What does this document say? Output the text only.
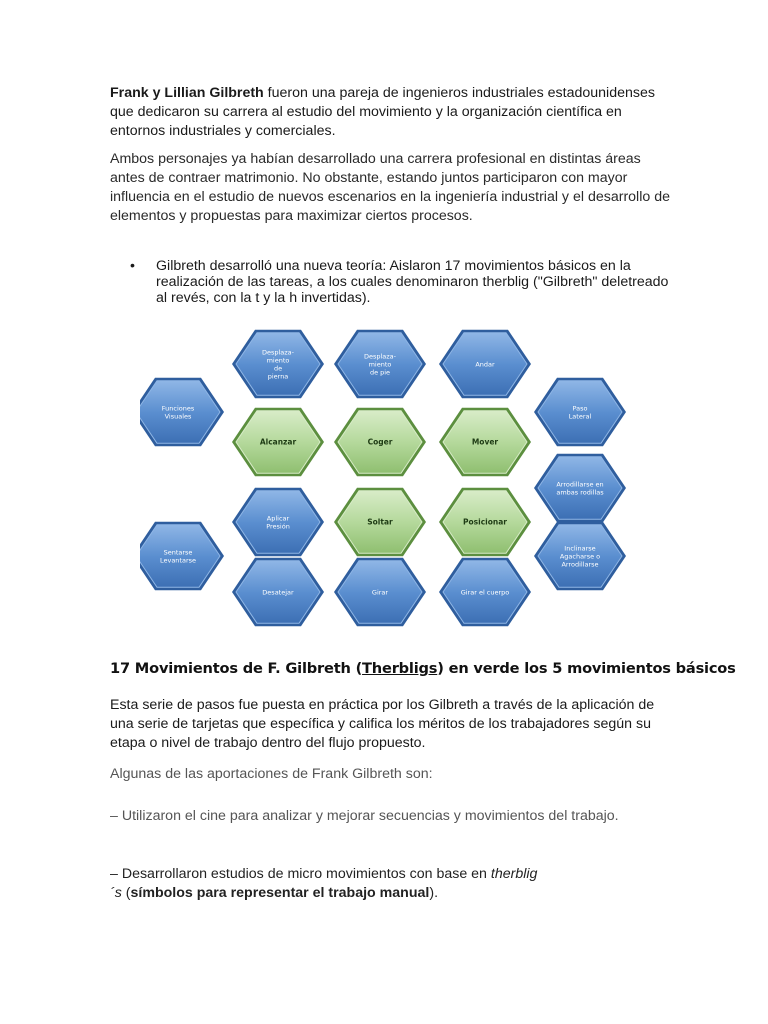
Frank y Lillian Gilbreth fueron una pareja de ingenieros industriales estadounidenses que dedicaron su carrera al estudio del movimiento y la organización científica en entornos industriales y comerciales.

Ambos personajes ya habían desarrollado una carrera profesional en distintas áreas antes de contraer matrimonio. No obstante, estando juntos participaron con mayor influencia en el estudio de nuevos escenarios en la ingeniería industrial y el desarrollo de elementos y propuestas para maximizar ciertos procesos.

• Gilbreth desarrolló una nueva teoría: Aislaron 17 movimientos básicos en la realización de las tareas, a los cuales denominaron therblig ("Gilbreth" deletreado al revés, con la t y la h invertidas).
Desplaza-
miento
de
pierna
Desplaza-
miento
de pie
Andar
Funciones
Visuales
Paso
Lateral
Alcanzar	Coger	Mover
Arrodillarse en
ambas rodillas
Aplicar
Presión	Soltar	Posicionar
Sentarse
Levantarse
Inclinarse
Agacharse o
Arrodillarse
Desatejar	Girar	Girar el cuerpo
17 Movimientos de F. Gilbreth (Therbligs) en verde los 5 movimientos básicos

Esta serie de pasos fue puesta en práctica por los Gilbreth a través de la aplicación de una serie de tarjetas que específica y califica los méritos de los trabajadores según su etapa o nivel de trabajo dentro del flujo propuesto.

Algunas de las aportaciones de Frank Gilbreth son:

– Utilizaron el cine para analizar y mejorar secuencias y movimientos del trabajo.

– Desarrollaron estudios de micro movimientos con base en therblig
´s (símbolos para representar el trabajo manual).
